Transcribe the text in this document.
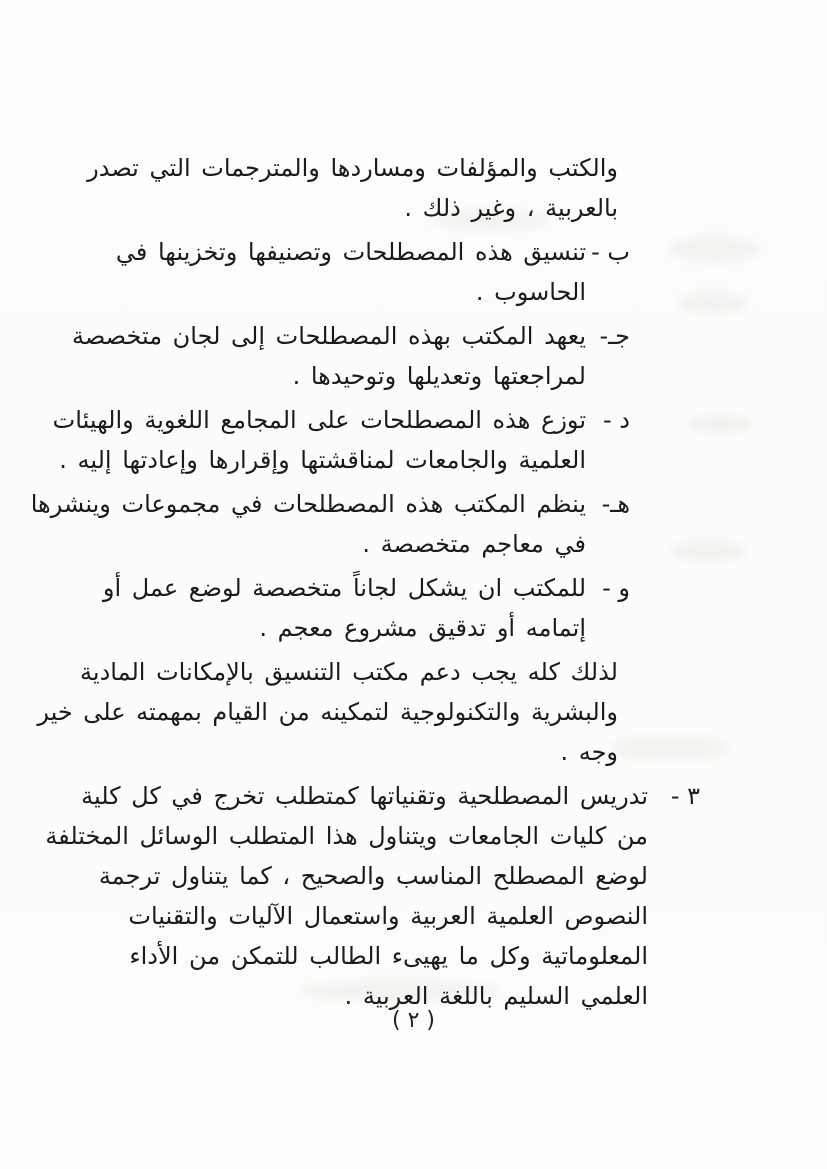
والكتب والمؤلفات ومساردها والمترجمات التي تصدر
بالعربية ، وغير ذلك .
ب -
تنسيق هذه المصطلحات وتصنيفها وتخزينها في
الحاسوب .
جـ-
يعهد المكتب بهذه المصطلحات إلى لجان متخصصة
لمراجعتها وتعديلها وتوحيدها .
د -
توزع هذه المصطلحات على المجامع اللغوية والهيئات
العلمية والجامعات لمناقشتها وإقرارها وإعادتها إليه .
هـ-
ينظم المكتب هذه المصطلحات في مجموعات وينشرها
في معاجم متخصصة .
و -
للمكتب ان يشكل لجاناً متخصصة لوضع عمل أو
إتمامه أو تدقيق مشروع معجم .
لذلك كله يجب دعم مكتب التنسيق بالإمكانات المادية
والبشرية والتكنولوجية لتمكينه من القيام بمهمته على خير
وجه .
٣ -
تدريس المصطلحية وتقنياتها كمتطلب تخرج في كل كلية
من كليات الجامعات ويتناول هذا المتطلب الوسائل المختلفة
لوضع المصطلح المناسب والصحيح ، كما يتناول ترجمة
النصوص العلمية العربية واستعمال الآليات والتقنيات
المعلوماتية وكل ما يهيىء الطالب للتمكن من الأداء
العلمي السليم باللغة العربية .
( ٢ )
